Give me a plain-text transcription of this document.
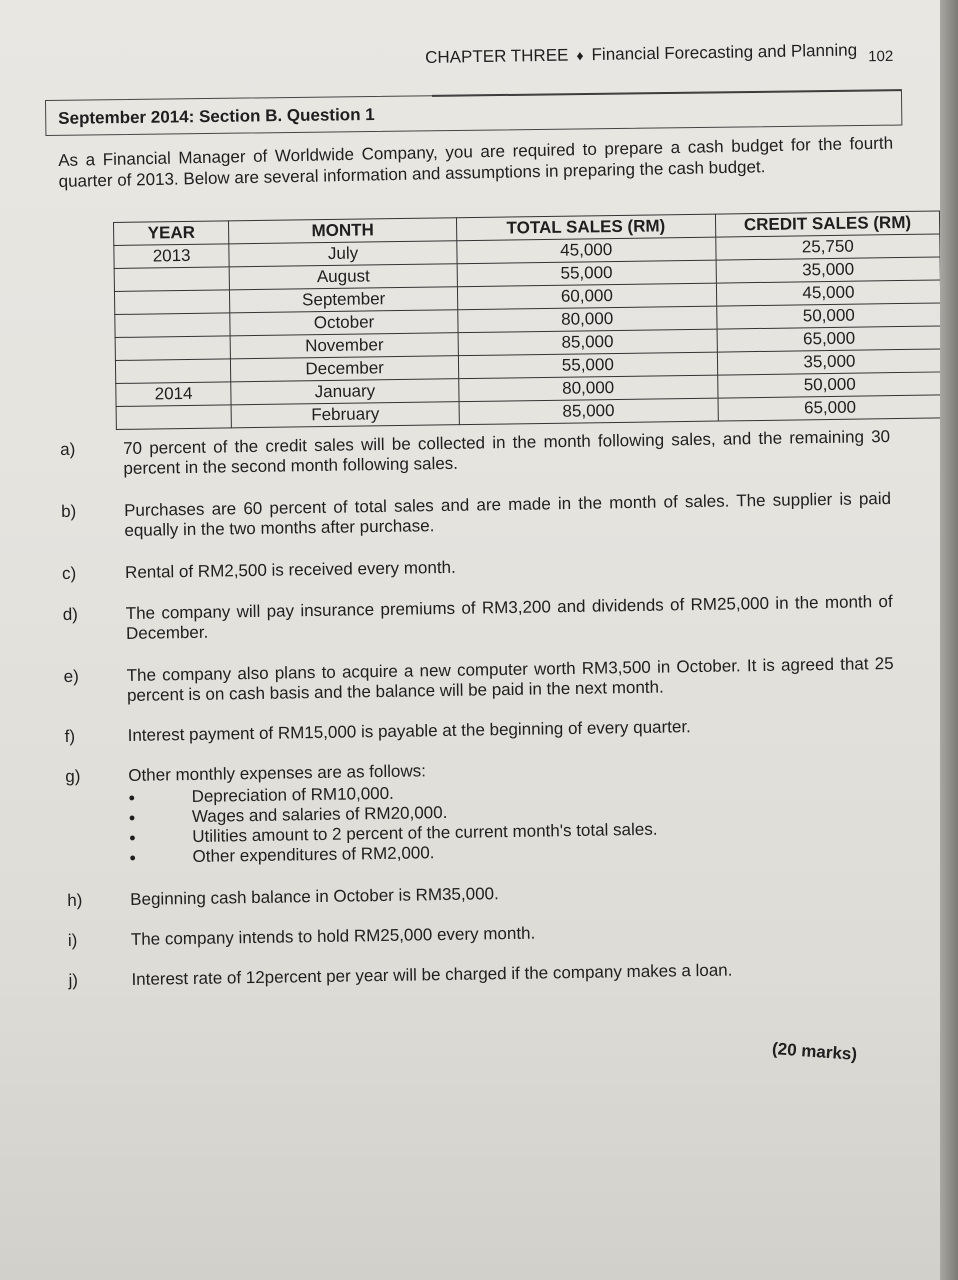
CHAPTER THREE ♦ Financial Forecasting and Planning 102
September 2014: Section B. Question 1
As a Financial Manager of Worldwide Company, you are required to prepare a cash budget for the fourth quarter of 2013. Below are several information and assumptions in preparing the cash budget.
YEAR	MONTH	TOTAL SALES (RM)	CREDIT SALES (RM)
2013	July	45,000	25,750
	August	55,000	35,000
	September	60,000	45,000
	October	80,000	50,000
	November	85,000	65,000
	December	55,000	35,000
2014	January	80,000	50,000
	February	85,000	65,000
a)	70 percent of the credit sales will be collected in the month following sales, and the remaining 30 percent in the second month following sales.
b)	Purchases are 60 percent of total sales and are made in the month of sales. The supplier is paid equally in the two months after purchase.
c)	Rental of RM2,500 is received every month.
d)	The company will pay insurance premiums of RM3,200 and dividends of RM25,000 in the month of December.
e)	The company also plans to acquire a new computer worth RM3,500 in October. It is agreed that 25 percent is on cash basis and the balance will be paid in the next month.
f)	Interest payment of RM15,000 is payable at the beginning of every quarter.
g)	Other monthly expenses are as follows:
• Depreciation of RM10,000.
• Wages and salaries of RM20,000.
• Utilities amount to 2 percent of the current month's total sales.
• Other expenditures of RM2,000.
h)	Beginning cash balance in October is RM35,000.
i)	The company intends to hold RM25,000 every month.
j)	Interest rate of 12percent per year will be charged if the company makes a loan.
(20 marks)
